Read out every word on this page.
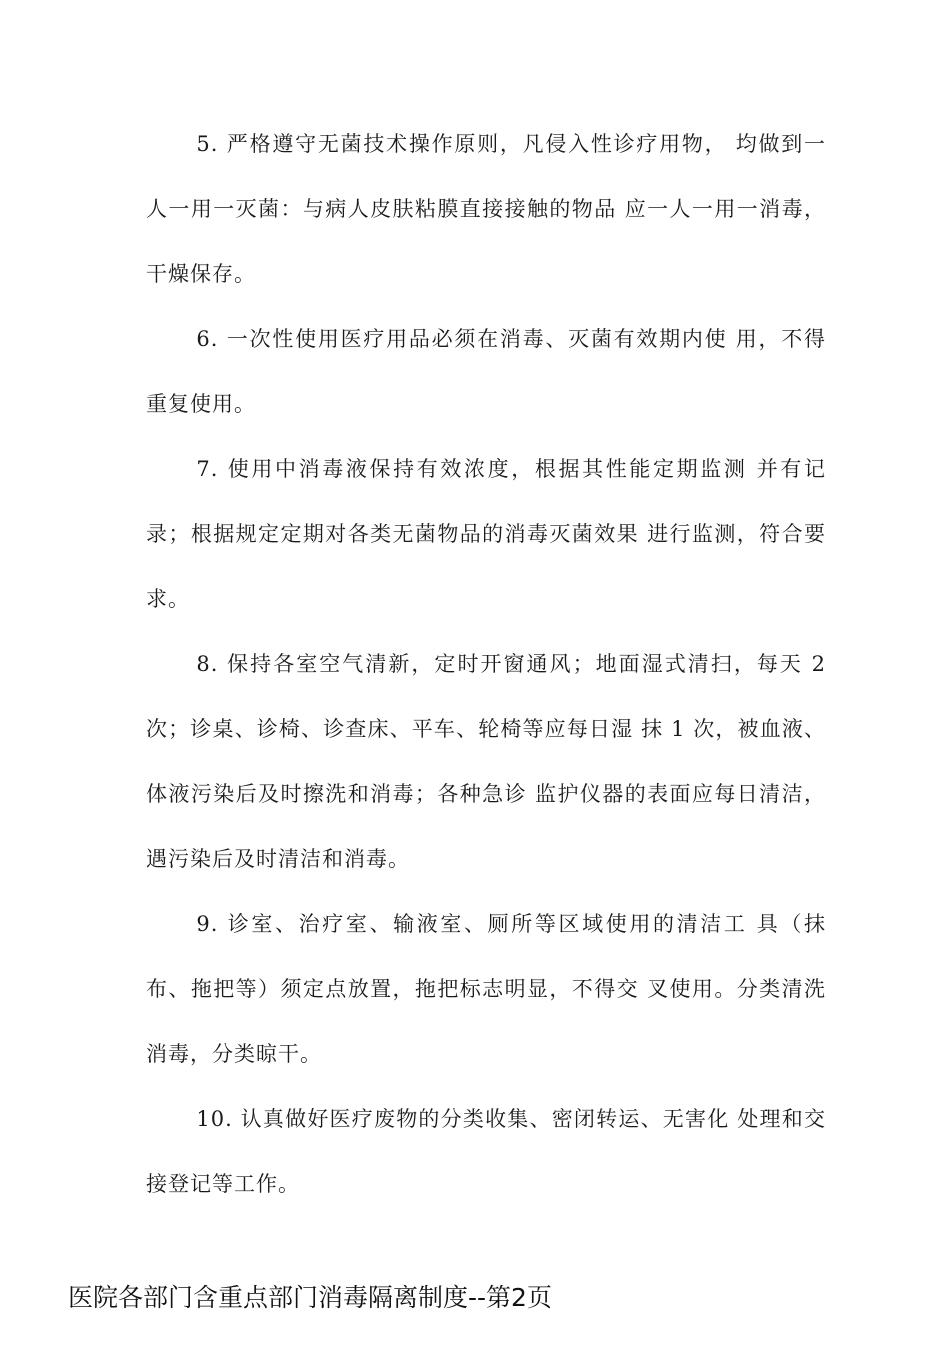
5. 严格遵守无菌技术操作原则，凡侵入性诊疗用物， 均做到一人一用一灭菌：与病人皮肤粘膜直接接触的物品 应一人一用一消毒，干燥保存。

6. 一次性使用医疗用品必须在消毒、灭菌有效期内使 用，不得重复使用。

7. 使用中消毒液保持有效浓度，根据其性能定期监测 并有记录；根据规定定期对各类无菌物品的消毒灭菌效果 进行监测，符合要求。

8. 保持各室空气清新，定时开窗通风；地面湿式清扫，每天 2 次；诊桌、诊椅、诊查床、平车、轮椅等应每日湿 抹 1 次，被血液、体液污染后及时擦洗和消毒；各种急诊 监护仪器的表面应每日清洁，遇污染后及时清洁和消毒。

9. 诊室、治疗室、输液室、厕所等区域使用的清洁工 具（抹布、拖把等）须定点放置，拖把标志明显，不得交 叉使用。分类清洗消毒，分类晾干。

10. 认真做好医疗废物的分类收集、密闭转运、无害化 处理和交接登记等工作。

医院各部门含重点部门消毒隔离制度--第2页
